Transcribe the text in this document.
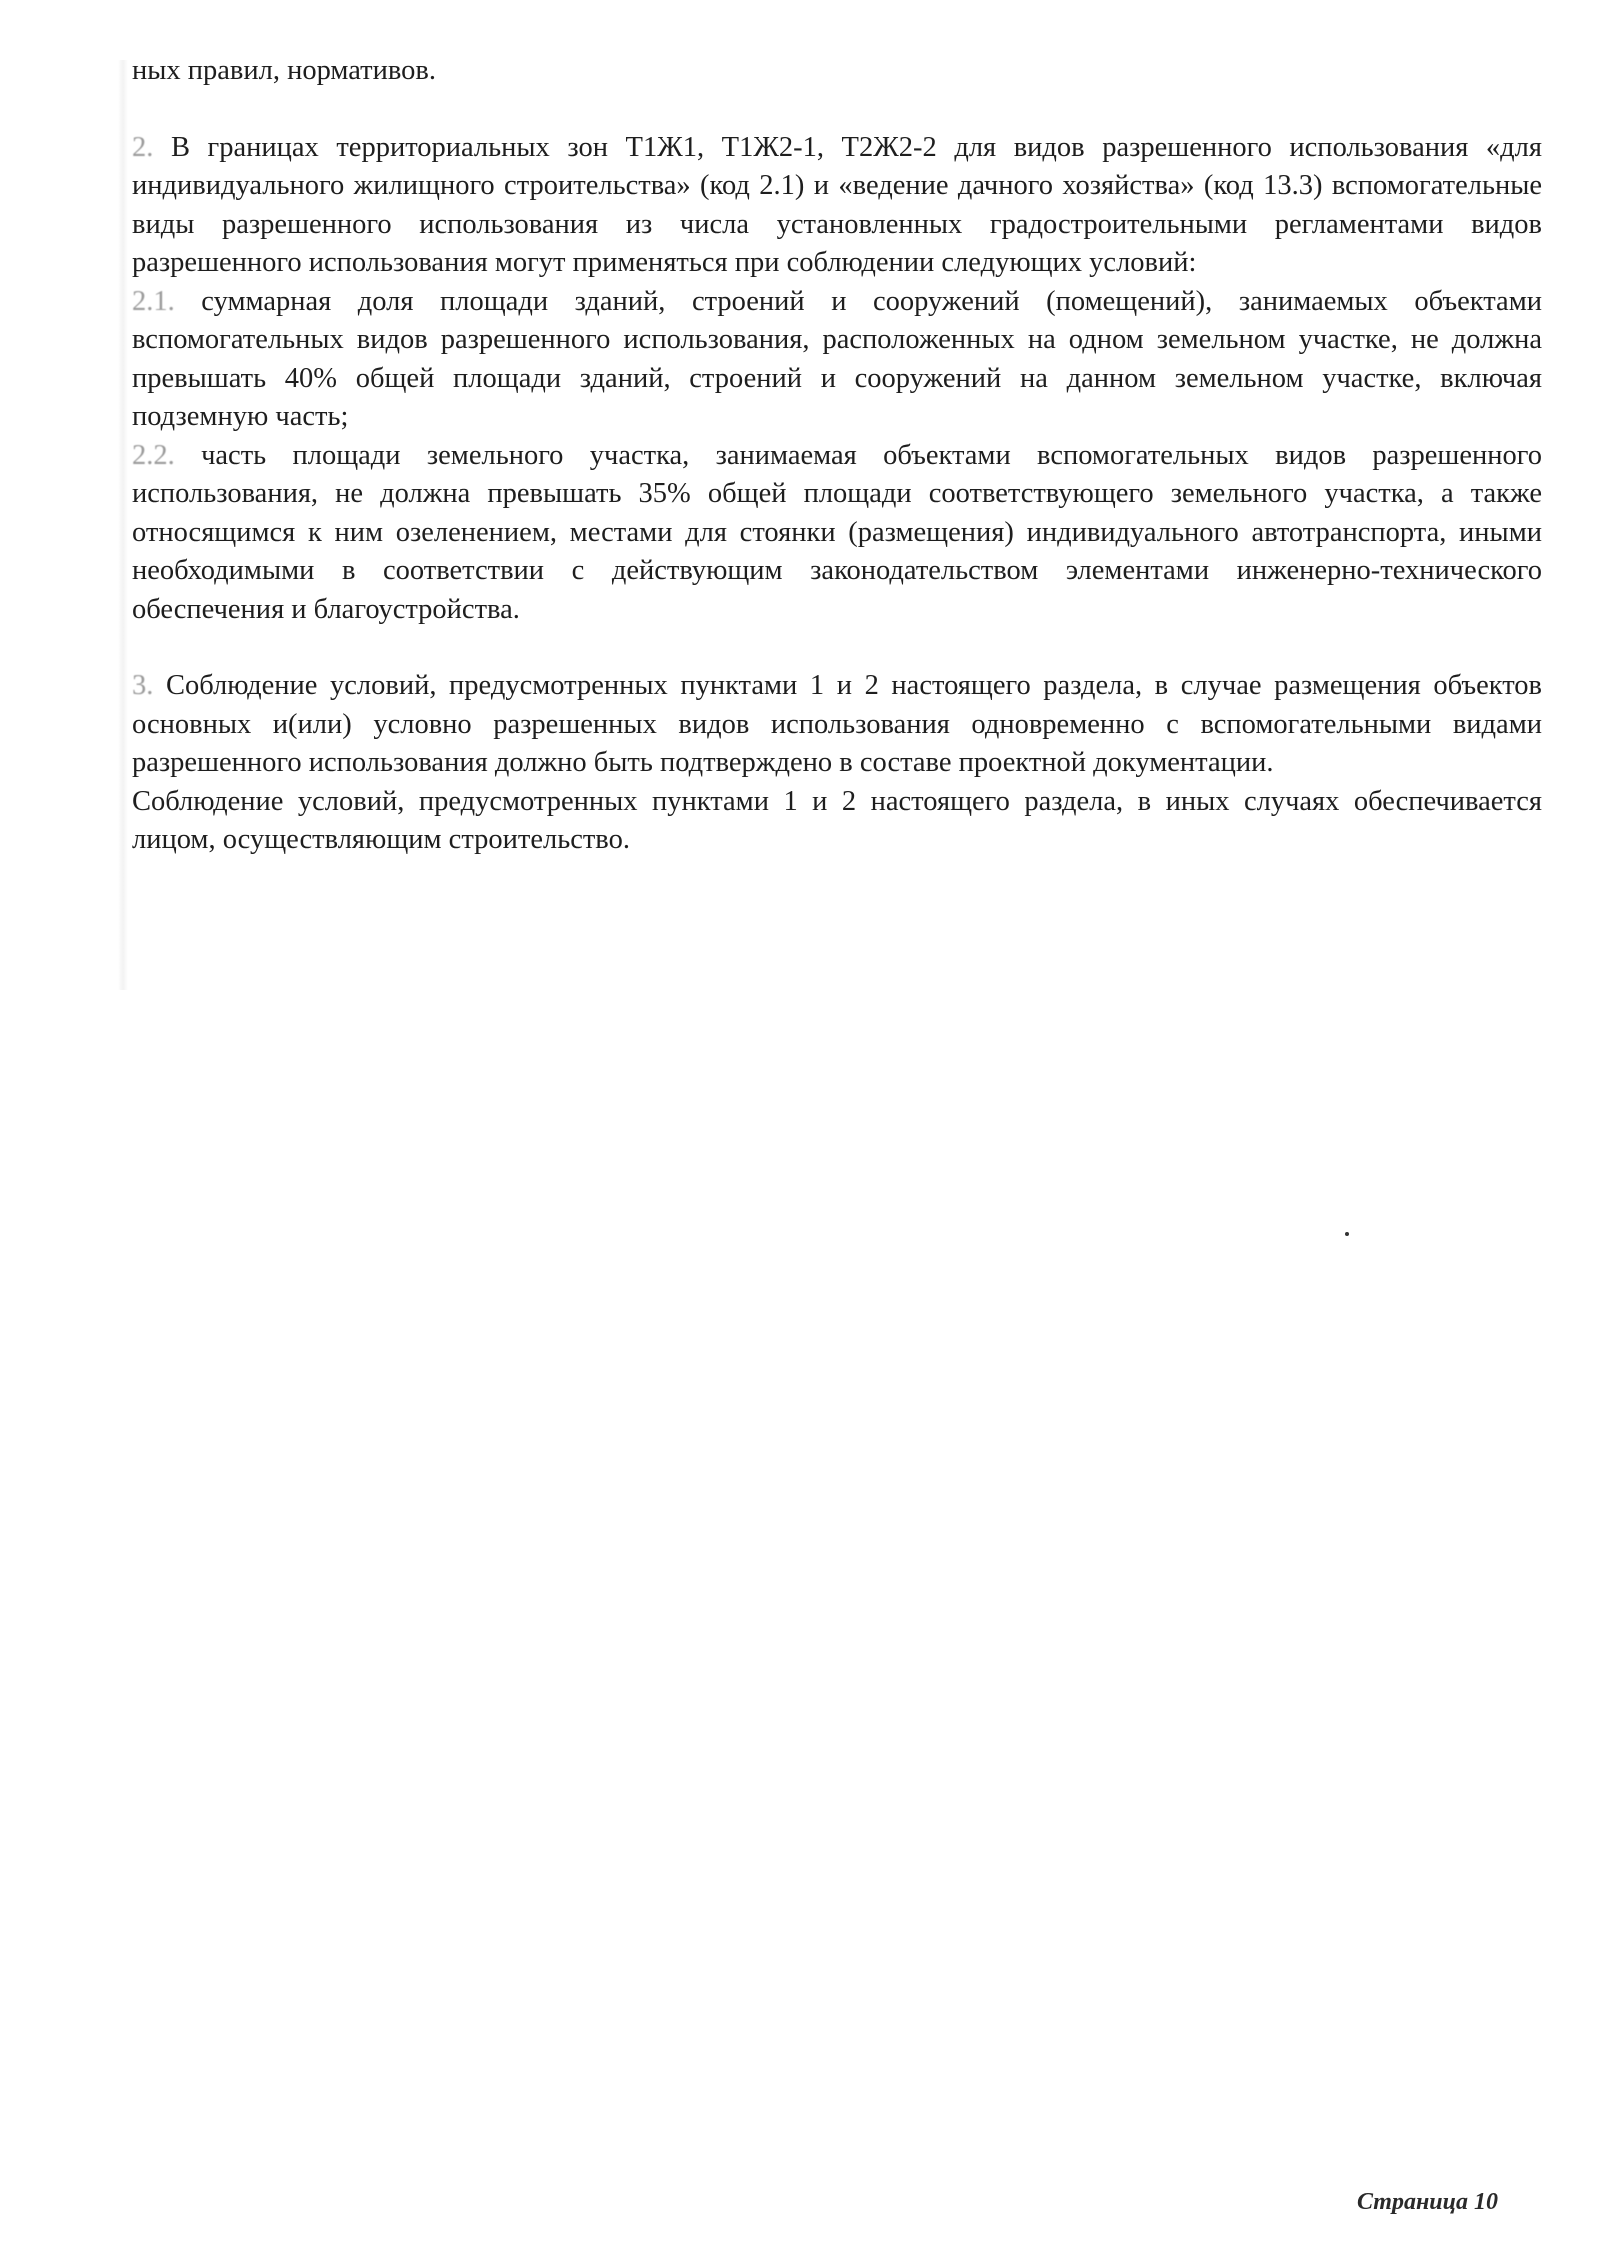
ных правил, нормативов.

2. В границах территориальных зон Т1Ж1, Т1Ж2-1, Т2Ж2-2 для видов разрешенного использования «для индивидуального жилищного строительства» (код 2.1) и «ведение дачного хозяйства» (код 13.3) вспомогательные виды разрешенного использования из числа установленных градостроительными регламентами видов разрешенного использования могут применяться при соблюдении следующих условий:

2.1. суммарная доля площади зданий, строений и сооружений (помещений), занимаемых объектами вспомогательных видов разрешенного использования, расположенных на одном земельном участке, не должна превышать 40% общей площади зданий, строений и сооружений на данном земельном участке, включая подземную часть;

2.2. часть площади земельного участка, занимаемая объектами вспомогательных видов разрешенного использования, не должна превышать 35% общей площади соответствующего земельного участка, а также относящимся к ним озеленением, местами для стоянки (размещения) индивидуального автотранспорта, иными необходимыми в соответствии с действующим законодательством элементами инженерно-технического обеспечения и благоустройства.

3. Соблюдение условий, предусмотренных пунктами 1 и 2 настоящего раздела, в случае размещения объектов основных и(или) условно разрешенных видов использования одновременно с вспомогательными видами разрешенного использования должно быть подтверждено в составе проектной документации.

Соблюдение условий, предусмотренных пунктами 1 и 2 настоящего раздела, в иных случаях обеспечивается лицом, осуществляющим строительство.

Страница 10
